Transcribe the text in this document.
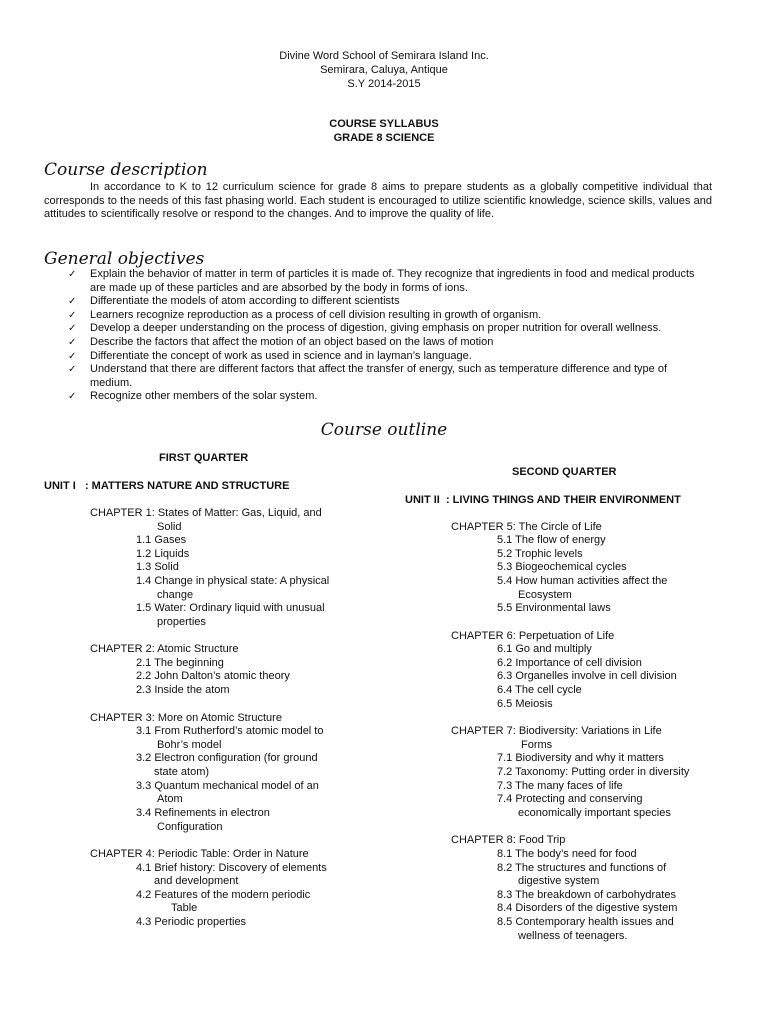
Divine Word School of Semirara Island Inc.
Semirara, Caluya, Antique
S.Y 2014-2015
COURSE SYLLABUS
GRADE 8 SCIENCE
Course description
In accordance to K to 12 curriculum science for grade 8 aims to prepare students as a globally competitive individual that corresponds to the needs of this fast phasing world. Each student is encouraged to utilize scientific knowledge, science skills, values and attitudes to scientifically resolve or respond to the changes. And to improve the quality of life.
General objectives
✓ Explain the behavior of matter in term of particles it is made of. They recognize that ingredients in food and medical products are made up of these particles and are absorbed by the body in forms of ions.
✓ Differentiate the models of atom according to different scientists
✓ Learners recognize reproduction as a process of cell division resulting in growth of organism.
✓ Develop a deeper understanding on the process of digestion, giving emphasis on proper nutrition for overall wellness.
✓ Describe the factors that affect the motion of an object based on the laws of motion
✓ Differentiate the concept of work as used in science and in layman’s language.
✓ Understand that there are different factors that affect the transfer of energy, such as temperature difference and type of medium.
✓ Recognize other members of the solar system.
Course outline
FIRST QUARTER
UNIT I   : MATTERS NATURE AND STRUCTURE
CHAPTER 1: States of Matter: Gas, Liquid, and
Solid
1.1 Gases
1.2 Liquids
1.3 Solid
1.4 Change in physical state: A physical
change
1.5 Water: Ordinary liquid with unusual
properties
CHAPTER 2: Atomic Structure
2.1 The beginning
2.2 John Dalton’s atomic theory
2.3 Inside the atom
CHAPTER 3: More on Atomic Structure
3.1 From Rutherford’s atomic model to
Bohr’s model
3.2 Electron configuration (for ground
state atom)
3.3 Quantum mechanical model of an
Atom
3.4 Refinements in electron
Configuration
CHAPTER 4: Periodic Table: Order in Nature
4.1 Brief history: Discovery of elements
and development
4.2 Features of the modern periodic
Table
4.3 Periodic properties
SECOND QUARTER
UNIT II  : LIVING THINGS AND THEIR ENVIRONMENT
CHAPTER 5: The Circle of Life
5.1 The flow of energy
5.2 Trophic levels
5.3 Biogeochemical cycles
5.4 How human activities affect the
Ecosystem
5.5 Environmental laws
CHAPTER 6: Perpetuation of Life
6.1 Go and multiply
6.2 Importance of cell division
6.3 Organelles involve in cell division
6.4 The cell cycle
6.5 Meiosis
CHAPTER 7: Biodiversity: Variations in Life
Forms
7.1 Biodiversity and why it matters
7.2 Taxonomy: Putting order in diversity
7.3 The many faces of life
7.4 Protecting and conserving
economically important species
CHAPTER 8: Food Trip
8.1 The body’s need for food
8.2 The structures and functions of
digestive system
8.3 The breakdown of carbohydrates
8.4 Disorders of the digestive system
8.5 Contemporary health issues and
wellness of teenagers.
